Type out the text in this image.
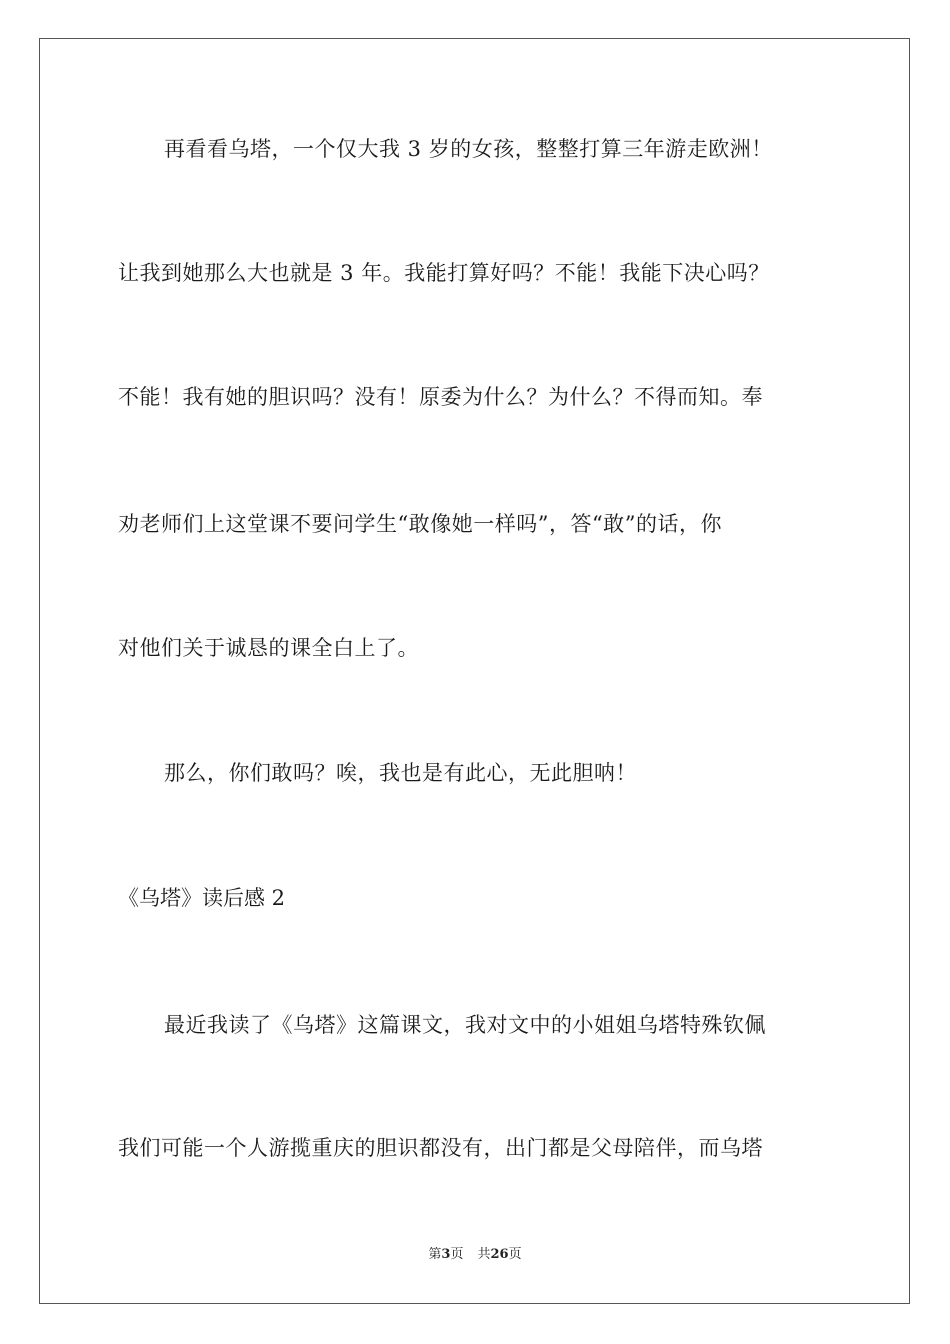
再看看乌塔，一个仅大我 3 岁的女孩，整整打算三年游走欧洲！
让我到她那么大也就是 3 年。我能打算好吗？不能！我能下决心吗？
不能！我有她的胆识吗？没有！原委为什么？为什么？不得而知。奉
劝老师们上这堂课不要问学生“敢像她一样吗”，答“敢”的话，你
对他们关于诚恳的课全白上了。
那么，你们敢吗？唉，我也是有此心，无此胆呐！
《乌塔》读后感 2
最近我读了《乌塔》这篇课文，我对文中的小姐姐乌塔特殊钦佩
我们可能一个人游揽重庆的胆识都没有，出门都是父母陪伴，而乌塔
第3页 共26页
